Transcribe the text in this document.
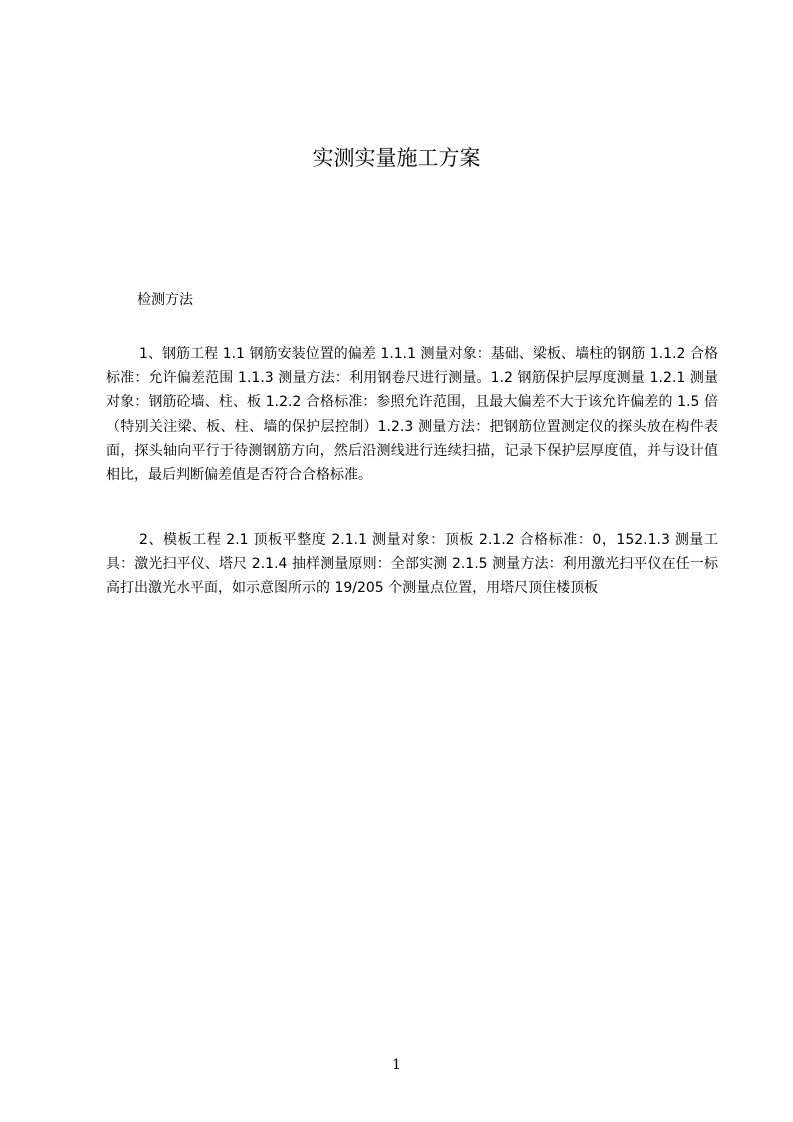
实测实量施工方案

检测方法

1、钢筋工程 1.1 钢筋安装位置的偏差 1.1.1 测量对象：基础、梁板、墙柱的钢筋 1.1.2 合格标准：允许偏差范围 1.1.3 测量方法：利用钢卷尺进行测量。1.2 钢筋保护层厚度测量 1.2.1 测量对象：钢筋砼墙、柱、板 1.2.2 合格标准：参照允许范围，且最大偏差不大于该允许偏差的 1.5 倍（特别关注梁、板、柱、墙的保护层控制）1.2.3 测量方法：把钢筋位置测定仪的探头放在构件表面，探头轴向平行于待测钢筋方向，然后沿测线进行连续扫描，记录下保护层厚度值，并与设计值相比，最后判断偏差值是否符合合格标准。

2、模板工程 2.1 顶板平整度 2.1.1 测量对象：顶板 2.1.2 合格标准：0，152.1.3 测量工具：激光扫平仪、塔尺 2.1.4 抽样测量原则：全部实测 2.1.5 测量方法：利用激光扫平仪在任一标高打出激光水平面，如示意图所示的 19/205 个测量点位置，用塔尺顶住楼顶板

1
